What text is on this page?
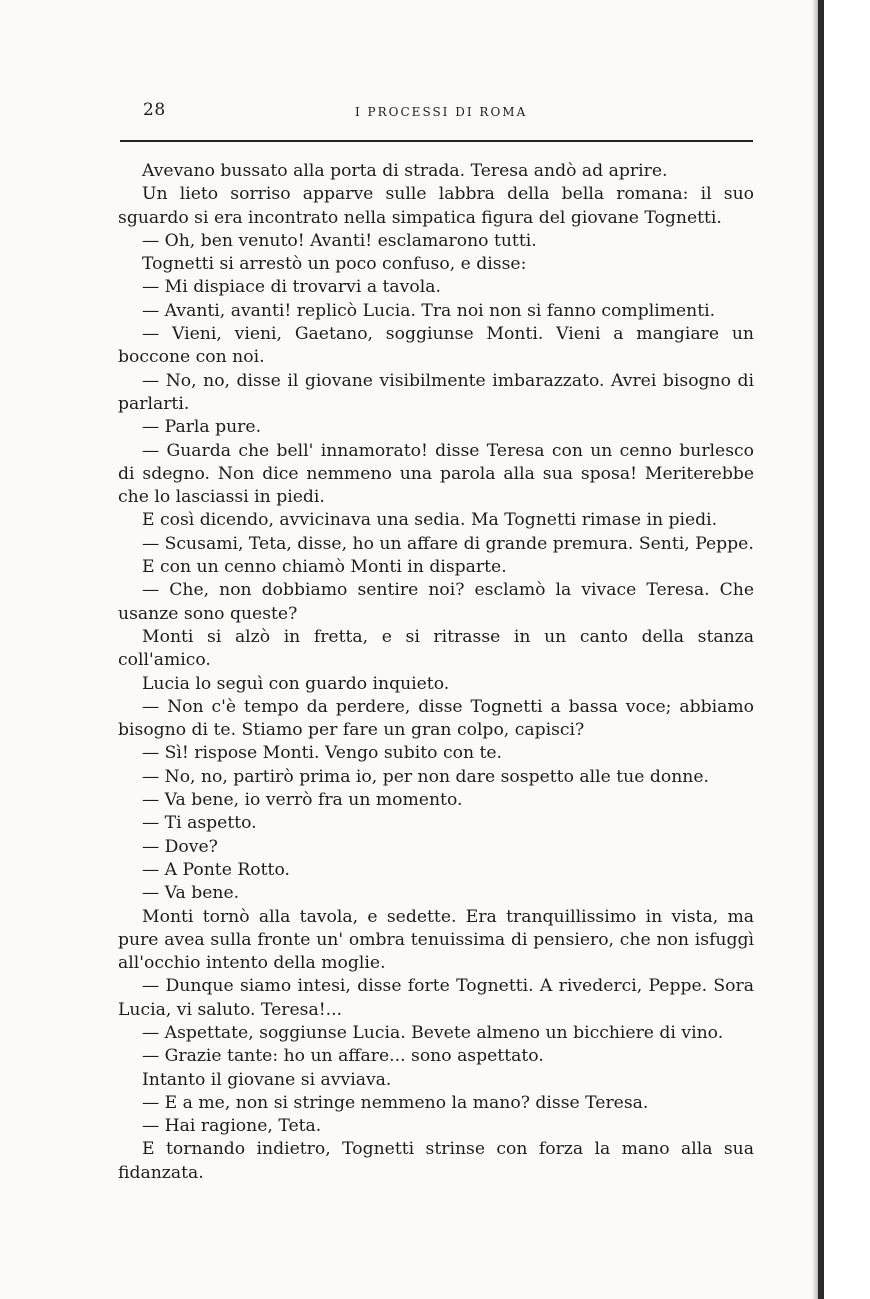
28	I PROCESSI DI ROMA

Avevano bussato alla porta di strada. Teresa andò ad aprire.

Un lieto sorriso apparve sulle labbra della bella romana: il suo sguardo si era incontrato nella simpatica figura del giovane Tognetti.

— Oh, ben venuto! Avanti! esclamarono tutti.

Tognetti si arrestò un poco confuso, e disse:

— Mi dispiace di trovarvi a tavola.

— Avanti, avanti! replicò Lucia. Tra noi non si fanno complimenti.

— Vieni, vieni, Gaetano, soggiunse Monti. Vieni a mangiare un boccone con noi.

— No, no, disse il giovane visibilmente imbarazzato. Avrei bisogno di parlarti.

— Parla pure.

— Guarda che bell' innamorato! disse Teresa con un cenno burlesco di sdegno. Non dice nemmeno una parola alla sua sposa! Meriterebbe che lo lasciassi in piedi.

E così dicendo, avvicinava una sedia. Ma Tognetti rimase in piedi.

— Scusami, Teta, disse, ho un affare di grande premura. Senti, Peppe.

E con un cenno chiamò Monti in disparte.

— Che, non dobbiamo sentire noi? esclamò la vivace Teresa. Che usanze sono queste?

Monti si alzò in fretta, e si ritrasse in un canto della stanza coll'amico.

Lucia lo seguì con guardo inquieto.

— Non c'è tempo da perdere, disse Tognetti a bassa voce; abbiamo bisogno di te. Stiamo per fare un gran colpo, capisci?

— Sì! rispose Monti. Vengo subito con te.

— No, no, partirò prima io, per non dare sospetto alle tue donne.

— Va bene, io verrò fra un momento.

— Ti aspetto.

— Dove?

— A Ponte Rotto.

— Va bene.

Monti tornò alla tavola, e sedette. Era tranquillissimo in vista, ma pure avea sulla fronte un' ombra tenuissima di pensiero, che non isfuggì all'occhio intento della moglie.

— Dunque siamo intesi, disse forte Tognetti. A rivederci, Peppe. Sora Lucia, vi saluto. Teresa!...

— Aspettate, soggiunse Lucia. Bevete almeno un bicchiere di vino.

— Grazie tante: ho un affare... sono aspettato.

Intanto il giovane si avviava.

— E a me, non si stringe nemmeno la mano? disse Teresa.

— Hai ragione, Teta.

E tornando indietro, Tognetti strinse con forza la mano alla sua fidanzata.
